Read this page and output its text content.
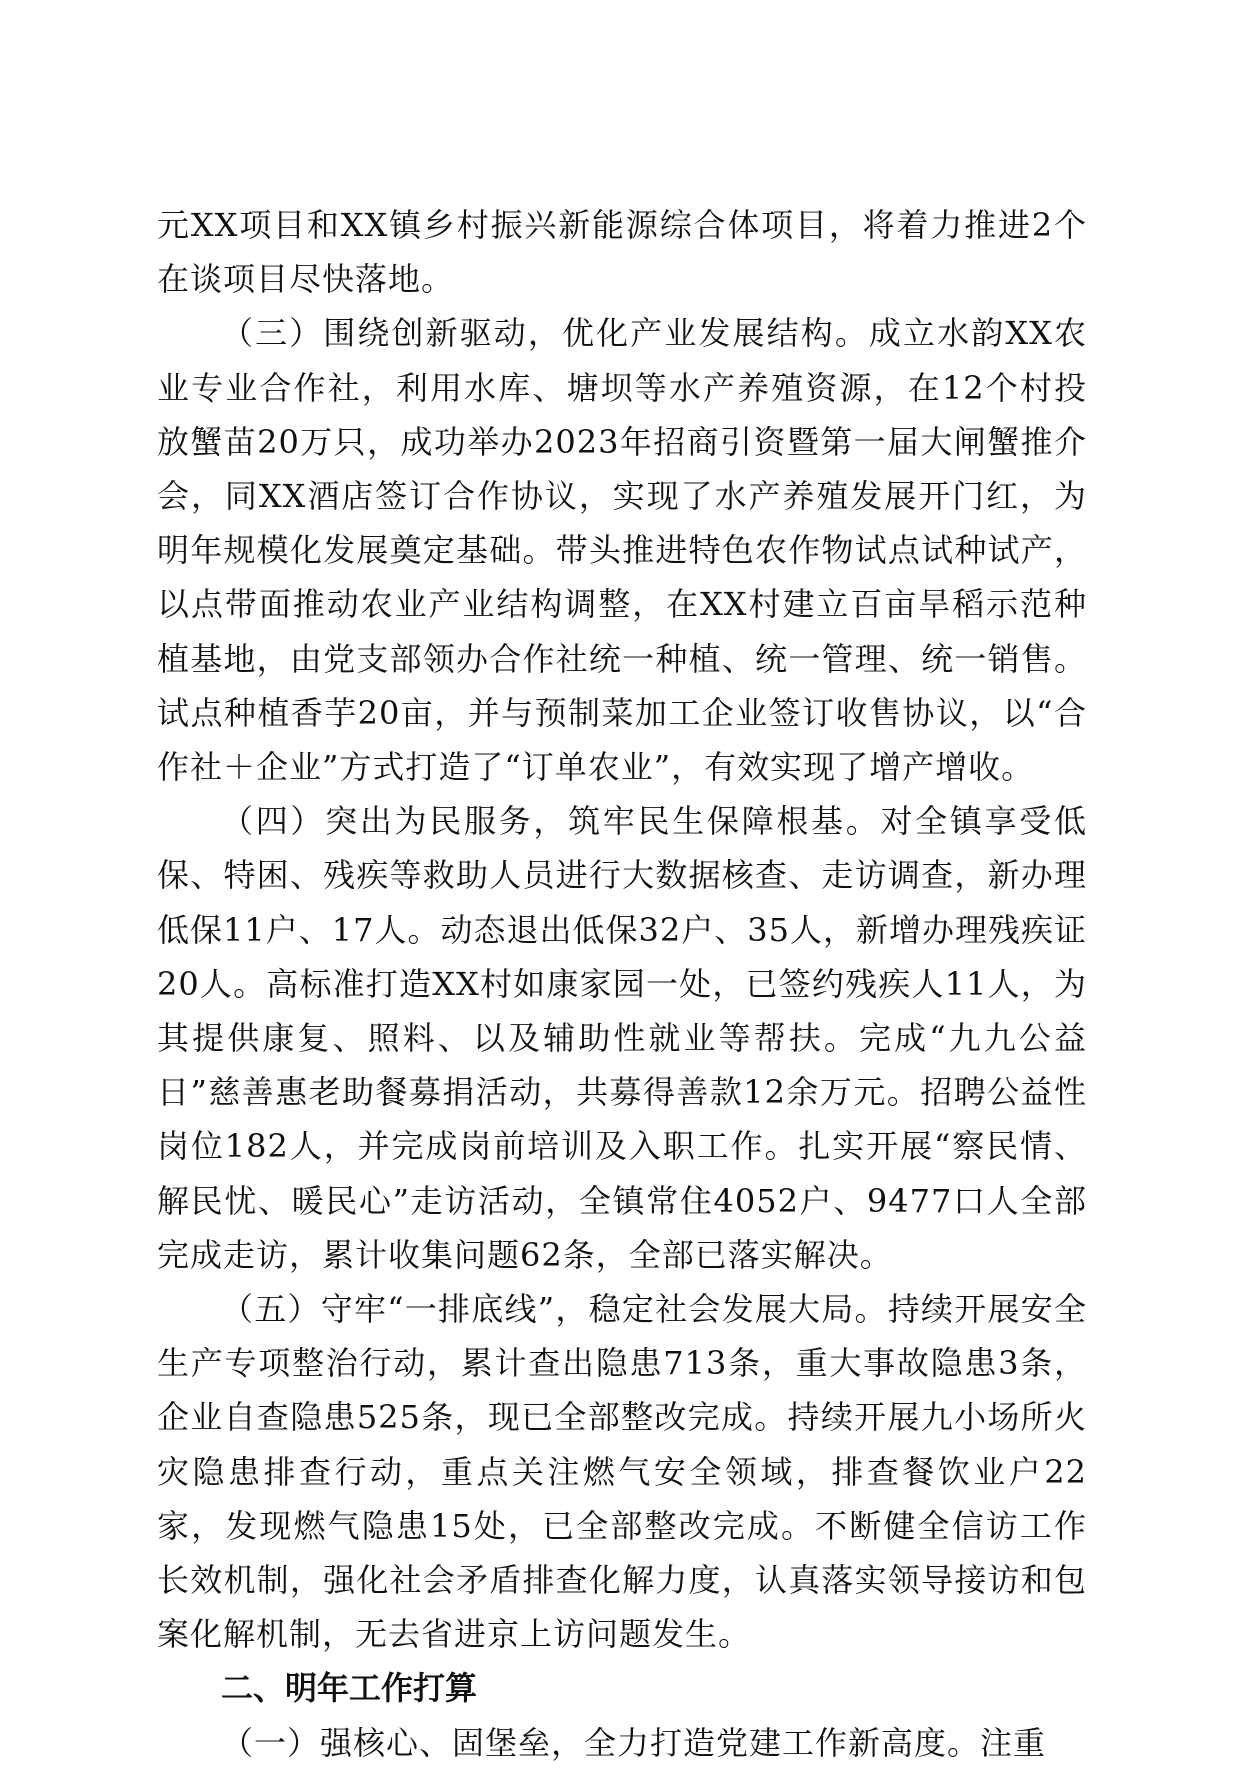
元XX项目和XX镇乡村振兴新能源综合体项目，将着力推进2个在谈项目尽快落地。

（三）围绕创新驱动，优化产业发展结构。成立水韵XX农业专业合作社，利用水库、塘坝等水产养殖资源，在12个村投放蟹苗20万只，成功举办2023年招商引资暨第一届大闸蟹推介会，同XX酒店签订合作协议，实现了水产养殖发展开门红，为明年规模化发展奠定基础。带头推进特色农作物试点试种试产，以点带面推动农业产业结构调整，在XX村建立百亩旱稻示范种植基地，由党支部领办合作社统一种植、统一管理、统一销售。试点种植香芋20亩，并与预制菜加工企业签订收售协议，以“合作社＋企业”方式打造了“订单农业”，有效实现了增产增收。

（四）突出为民服务，筑牢民生保障根基。对全镇享受低保、特困、残疾等救助人员进行大数据核查、走访调查，新办理低保11户、17人。动态退出低保32户、35人，新增办理残疾证20人。高标准打造XX村如康家园一处，已签约残疾人11人，为其提供康复、照料、以及辅助性就业等帮扶。完成“九九公益日”慈善惠老助餐募捐活动，共募得善款12余万元。招聘公益性岗位182人，并完成岗前培训及入职工作。扎实开展“察民情、解民忧、暖民心”走访活动，全镇常住4052户、9477口人全部完成走访，累计收集问题62条，全部已落实解决。

（五）守牢“一排底线”，稳定社会发展大局。持续开展安全生产专项整治行动，累计查出隐患713条，重大事故隐患3条，企业自查隐患525条，现已全部整改完成。持续开展九小场所火灾隐患排查行动，重点关注燃气安全领域，排查餐饮业户22家，发现燃气隐患15处，已全部整改完成。不断健全信访工作长效机制，强化社会矛盾排查化解力度，认真落实领导接访和包案化解机制，无去省进京上访问题发生。

二、明年工作打算

（一）强核心、固堡垒，全力打造党建工作新高度。注重
